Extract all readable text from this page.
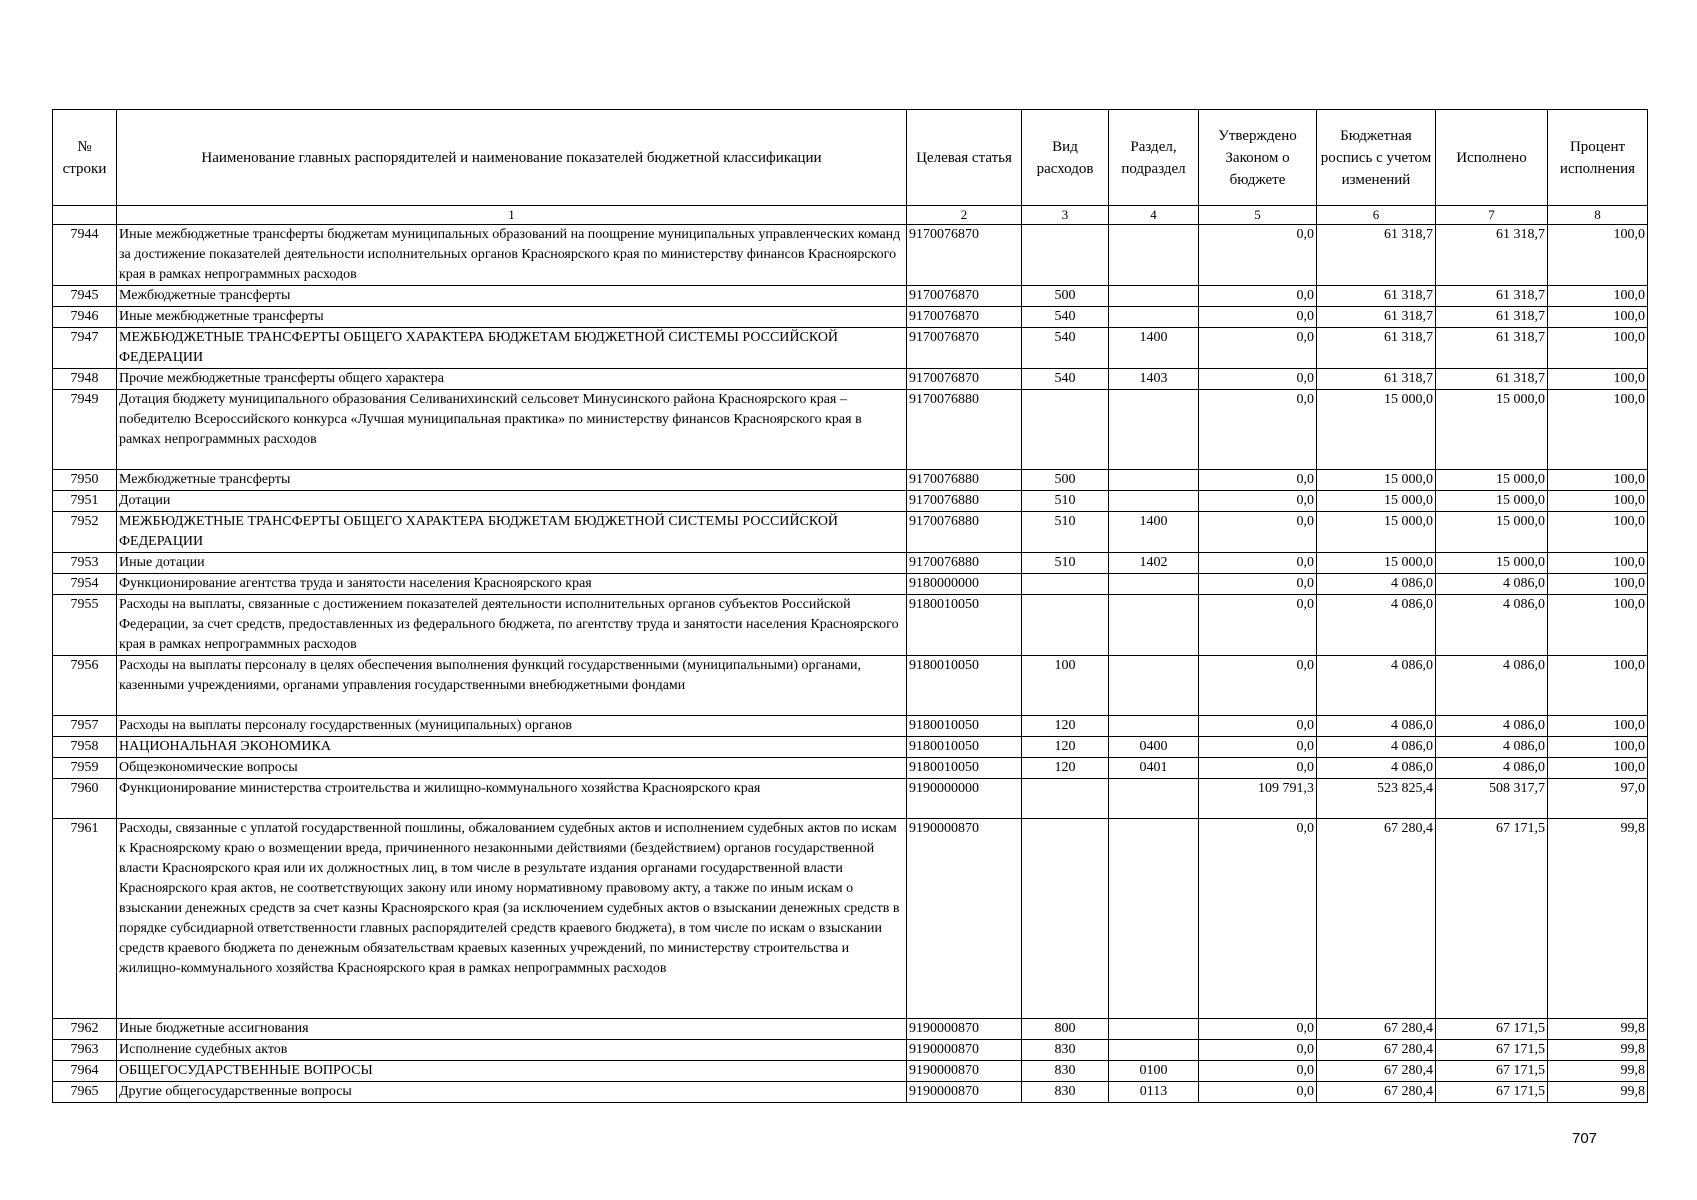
№ строки	Наименование главных распорядителей и наименование показателей бюджетной классификации	Целевая статья	Вид расходов	Раздел, подраздел	Утверждено Законом о бюджете	Бюджетная роспись с учетом изменений	Исполнено	Процент исполнения
	1	2	3	4	5	6	7	8
7944	Иные межбюджетные трансферты бюджетам муниципальных образований на поощрение муниципальных управленческих команд за достижение показателей деятельности исполнительных органов Красноярского края по министерству финансов Красноярского края в рамках непрограммных расходов	9170076870			0,0	61 318,7	61 318,7	100,0
7945	Межбюджетные трансферты	9170076870	500		0,0	61 318,7	61 318,7	100,0
7946	Иные межбюджетные трансферты	9170076870	540		0,0	61 318,7	61 318,7	100,0
7947	МЕЖБЮДЖЕТНЫЕ ТРАНСФЕРТЫ ОБЩЕГО ХАРАКТЕРА БЮДЖЕТАМ БЮДЖЕТНОЙ СИСТЕМЫ РОССИЙСКОЙ ФЕДЕРАЦИИ	9170076870	540	1400	0,0	61 318,7	61 318,7	100,0
7948	Прочие межбюджетные трансферты общего характера	9170076870	540	1403	0,0	61 318,7	61 318,7	100,0
7949	Дотация бюджету муниципального образования Селиванихинский сельсовет Минусинского района Красноярского края – победителю Всероссийского конкурса «Лучшая муниципальная практика» по министерству финансов Красноярского края в рамках непрограммных расходов	9170076880			0,0	15 000,0	15 000,0	100,0
7950	Межбюджетные трансферты	9170076880	500		0,0	15 000,0	15 000,0	100,0
7951	Дотации	9170076880	510		0,0	15 000,0	15 000,0	100,0
7952	МЕЖБЮДЖЕТНЫЕ ТРАНСФЕРТЫ ОБЩЕГО ХАРАКТЕРА БЮДЖЕТАМ БЮДЖЕТНОЙ СИСТЕМЫ РОССИЙСКОЙ ФЕДЕРАЦИИ	9170076880	510	1400	0,0	15 000,0	15 000,0	100,0
7953	Иные дотации	9170076880	510	1402	0,0	15 000,0	15 000,0	100,0
7954	Функционирование агентства труда и занятости населения Красноярского края	9180000000			0,0	4 086,0	4 086,0	100,0
7955	Расходы на выплаты, связанные с достижением показателей деятельности исполнительных органов субъектов Российской Федерации, за счет средств, предоставленных из федерального бюджета, по агентству труда и занятости населения Красноярского края в рамках непрограммных расходов	9180010050			0,0	4 086,0	4 086,0	100,0
7956	Расходы на выплаты персоналу в целях обеспечения выполнения функций государственными (муниципальными) органами, казенными учреждениями, органами управления государственными внебюджетными фондами	9180010050	100		0,0	4 086,0	4 086,0	100,0
7957	Расходы на выплаты персоналу государственных (муниципальных) органов	9180010050	120		0,0	4 086,0	4 086,0	100,0
7958	НАЦИОНАЛЬНАЯ ЭКОНОМИКА	9180010050	120	0400	0,0	4 086,0	4 086,0	100,0
7959	Общеэкономические вопросы	9180010050	120	0401	0,0	4 086,0	4 086,0	100,0
7960	Функционирование министерства строительства и жилищно-коммунального хозяйства Красноярского края	9190000000			109 791,3	523 825,4	508 317,7	97,0
7961	Расходы, связанные с уплатой государственной пошлины, обжалованием судебных актов и исполнением судебных актов по искам к Красноярскому краю о возмещении вреда, причиненного незаконными действиями (бездействием) органов государственной власти Красноярского края или их должностных лиц, в том числе в результате издания органами государственной власти Красноярского края актов, не соответствующих закону или иному нормативному правовому акту, а также по иным искам о взыскании денежных средств за счет казны Красноярского края (за исключением судебных актов о взыскании денежных средств в порядке субсидиарной ответственности главных распорядителей средств краевого бюджета), в том числе по искам о взыскании средств краевого бюджета по денежным обязательствам краевых казенных учреждений, по министерству строительства и жилищно-коммунального хозяйства Красноярского края в рамках непрограммных расходов	9190000870			0,0	67 280,4	67 171,5	99,8
7962	Иные бюджетные ассигнования	9190000870	800		0,0	67 280,4	67 171,5	99,8
7963	Исполнение судебных актов	9190000870	830		0,0	67 280,4	67 171,5	99,8
7964	ОБЩЕГОСУДАРСТВЕННЫЕ ВОПРОСЫ	9190000870	830	0100	0,0	67 280,4	67 171,5	99,8
7965	Другие общегосударственные вопросы	9190000870	830	0113	0,0	67 280,4	67 171,5	99,8
707
